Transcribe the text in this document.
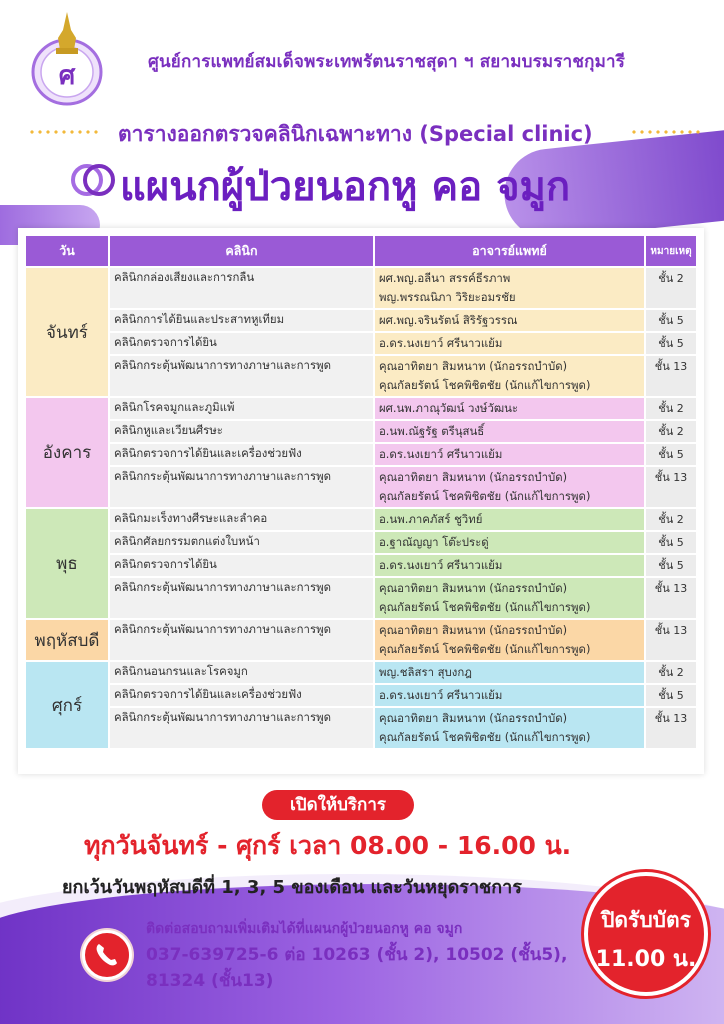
ศ	ศูนย์การแพทย์สมเด็จพระเทพรัตนราชสุดา ฯ สยามบรมราชกุมารี
ตารางออกตรวจคลินิกเฉพาะทาง (Special clinic)
แผนกผู้ป่วยนอกหู คอ จมูก
วัน	คลินิก	อาจารย์แพทย์	หมายเหตุ
จันทร์	คลินิกกล่องเสียงและการกลืน	ผศ.พญ.อลีนา สรรค์ธีรภาพ
พญ.พรรณนิภา วิริยะอมรชัย	ชั้น 2
	คลินิกการได้ยินและประสาทหูเทียม	ผศ.พญ.จรินรัตน์ สิริรัฐวรรณ	ชั้น 5
	คลินิกตรวจการได้ยิน	อ.ดร.นงเยาว์ ศรีนาวแย้ม	ชั้น 5
	คลินิกกระตุ้นพัฒนาการทางภาษาและการพูด	คุณอาทิตยา สิมหนาท (นักอรรถบำบัด)
คุณกัลยรัตน์ โชคพิชิตชัย (นักแก้ไขการพูด)	ชั้น 13
อังคาร	คลินิกโรคจมูกและภูมิแพ้	ผศ.นพ.ภาณุวัฒน์ วงษ์วัฒนะ	ชั้น 2
	คลินิกหูและเวียนศีรษะ	อ.นพ.ณัฐรัฐ ตรีนุสนธิ์	ชั้น 2
	คลินิกตรวจการได้ยินและเครื่องช่วยฟัง	อ.ดร.นงเยาว์ ศรีนาวแย้ม	ชั้น 5
	คลินิกกระตุ้นพัฒนาการทางภาษาและการพูด	คุณอาทิตยา สิมหนาท (นักอรรถบำบัด)
คุณกัลยรัตน์ โชคพิชิตชัย (นักแก้ไขการพูด)	ชั้น 13
พุธ	คลินิกมะเร็งทางศีรษะและลำคอ	อ.นพ.ภาคภัสร์ ชูวิทย์	ชั้น 2
	คลินิกศัลยกรรมตกแต่งใบหน้า	อ.ฐาณัญญา โต๊ะประดู่	ชั้น 5
	คลินิกตรวจการได้ยิน	อ.ดร.นงเยาว์ ศรีนาวแย้ม	ชั้น 5
	คลินิกกระตุ้นพัฒนาการทางภาษาและการพูด	คุณอาทิตยา สิมหนาท (นักอรรถบำบัด)
คุณกัลยรัตน์ โชคพิชิตชัย (นักแก้ไขการพูด)	ชั้น 13
พฤหัสบดี	คลินิกกระตุ้นพัฒนาการทางภาษาและการพูด	คุณอาทิตยา สิมหนาท (นักอรรถบำบัด)
คุณกัลยรัตน์ โชคพิชิตชัย (นักแก้ไขการพูด)	ชั้น 13
ศุกร์	คลินิกนอนกรนและโรคจมูก	พญ.ชลิสรา สุบงกฎ	ชั้น 2
	คลินิกตรวจการได้ยินและเครื่องช่วยฟัง	อ.ดร.นงเยาว์ ศรีนาวแย้ม	ชั้น 5
	คลินิกกระตุ้นพัฒนาการทางภาษาและการพูด	คุณอาทิตยา สิมหนาท (นักอรรถบำบัด)
คุณกัลยรัตน์ โชคพิชิตชัย (นักแก้ไขการพูด)	ชั้น 13
เปิดให้บริการ
ทุกวันจันทร์ - ศุกร์ เวลา 08.00 - 16.00 น.
ยกเว้นวันพฤหัสบดีที่ 1, 3, 5 ของเดือน และวันหยุดราชการ
ติดต่อสอบถามเพิ่มเติมได้ที่แผนกผู้ป่วยนอกหู คอ จมูก
037-639725-6 ต่อ 10263 (ชั้น 2), 10502 (ชั้น5),
81324 (ชั้น13)
ปิดรับบัตร
11.00 น.
